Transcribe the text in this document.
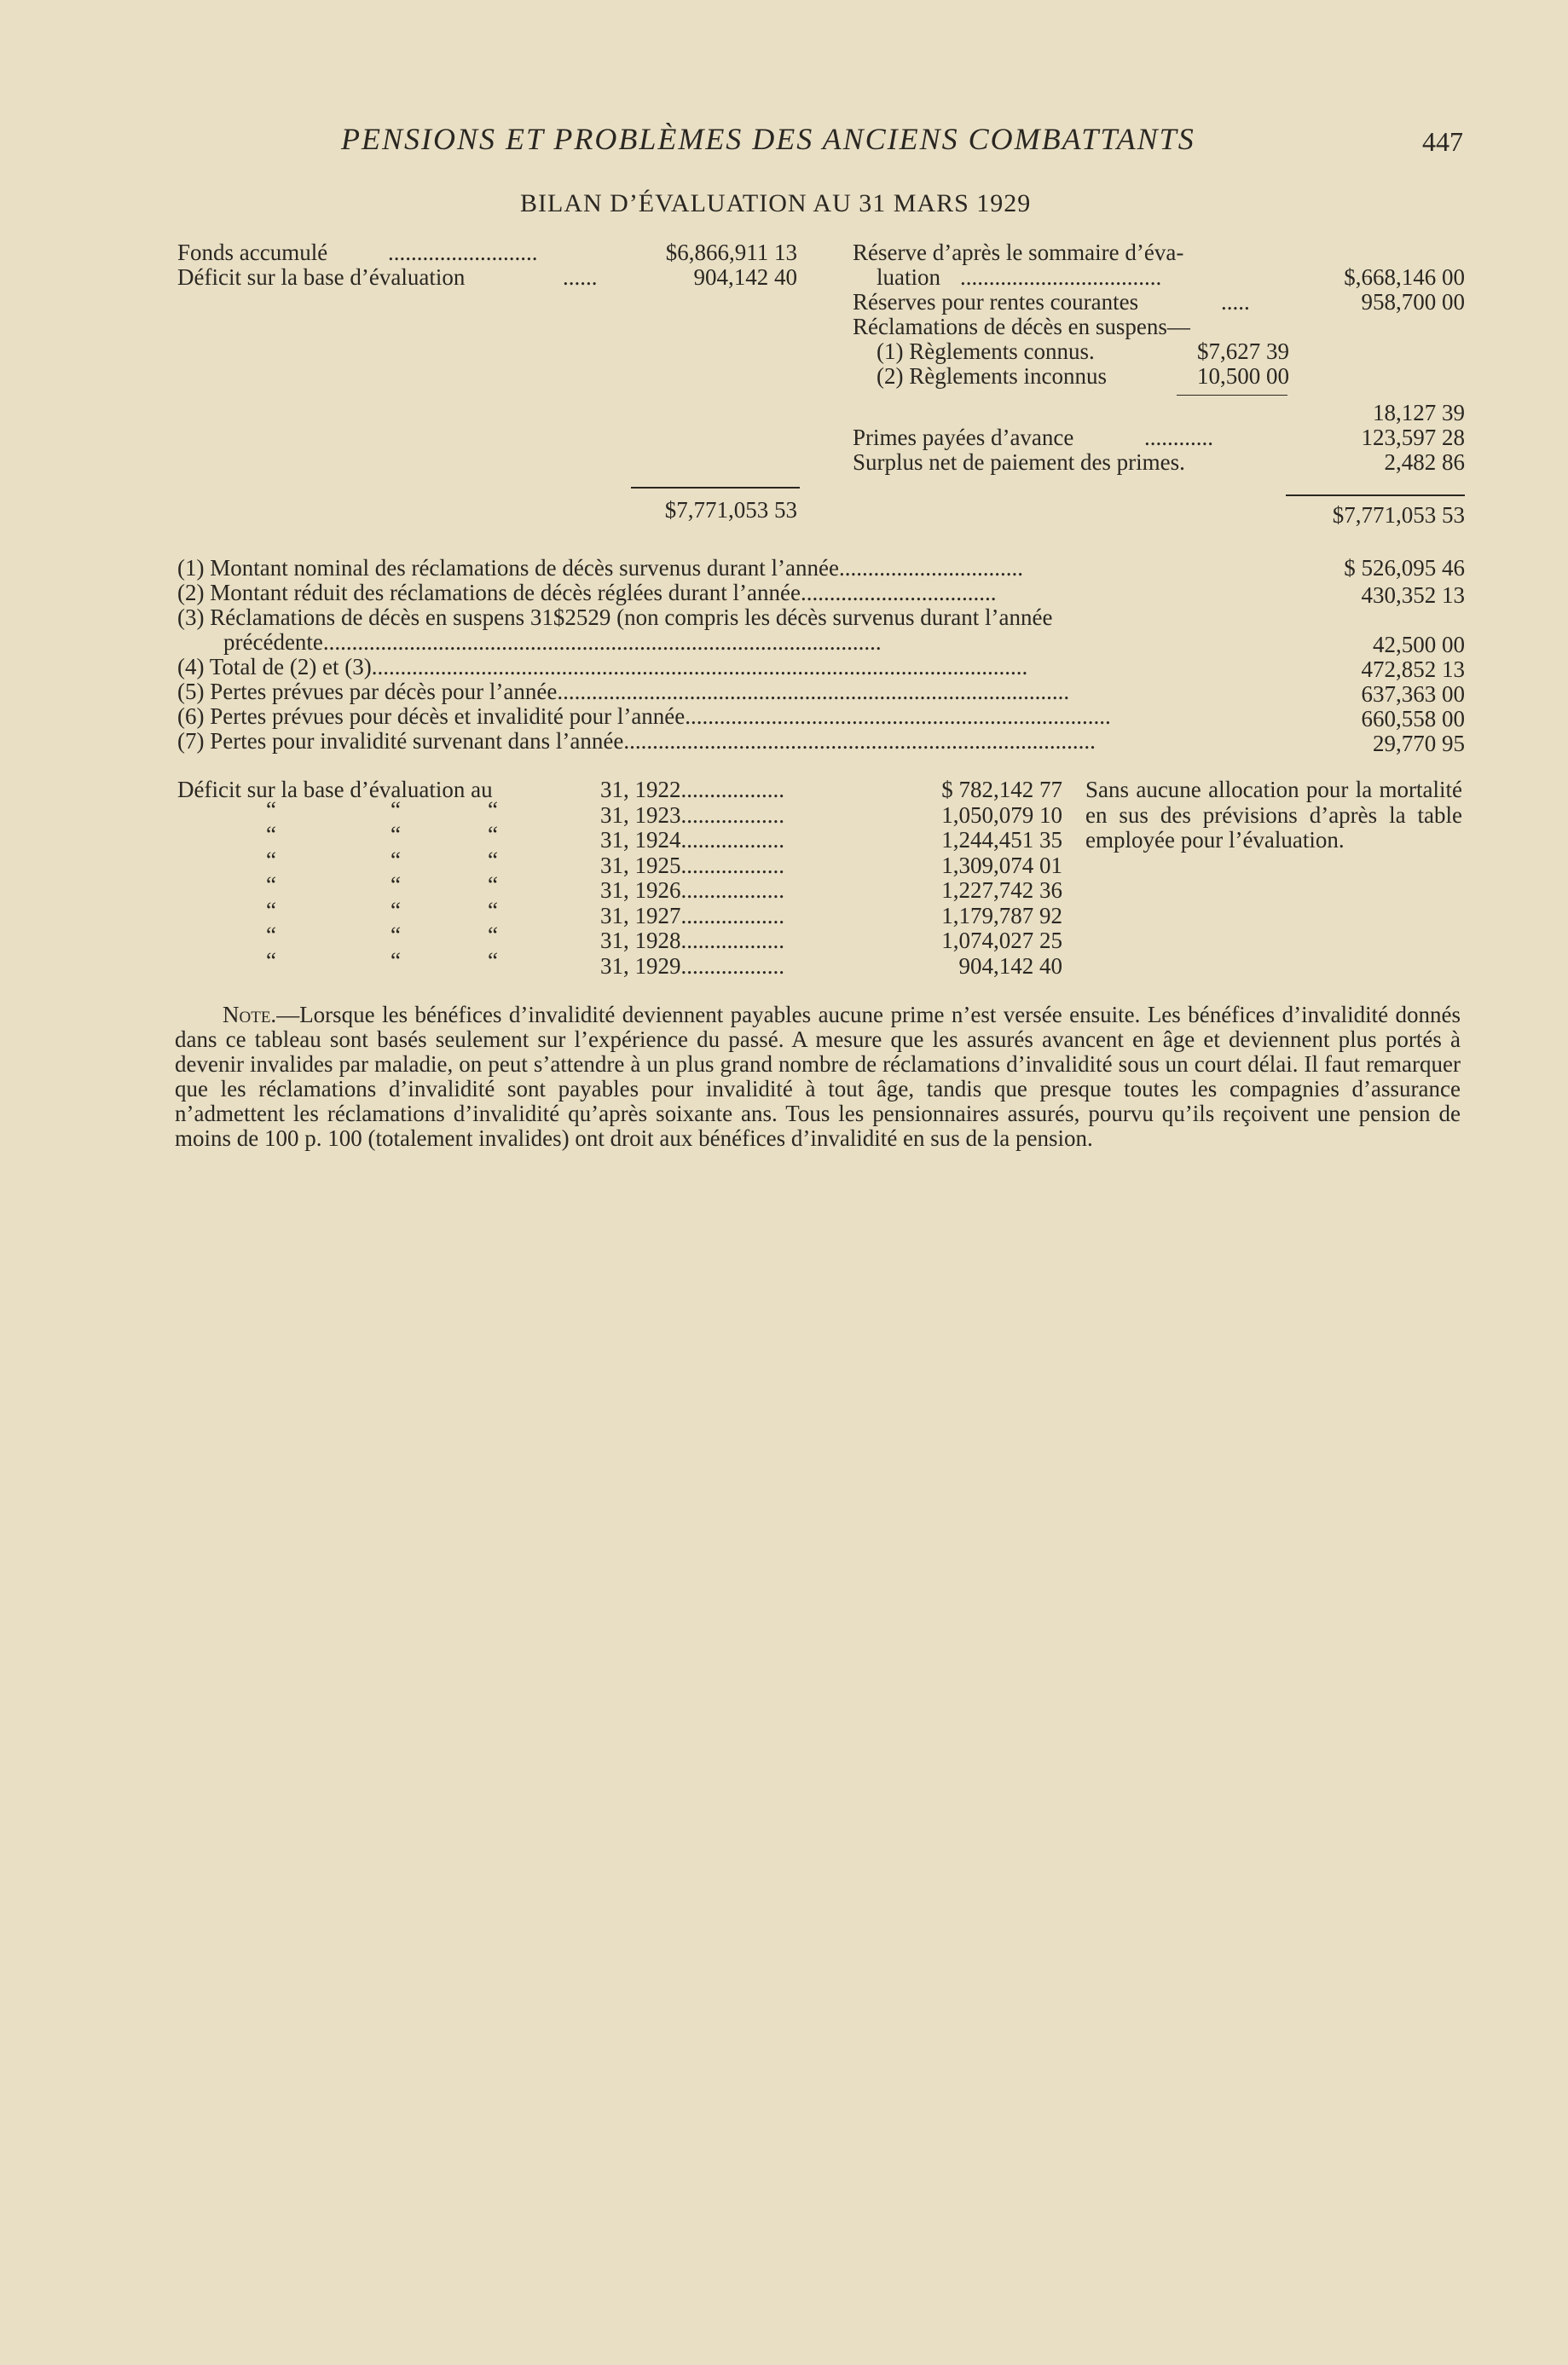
PENSIONS ET PROBLÈMES DES ANCIENS COMBATTANTS	447
BILAN D’ÉVALUATION AU 31 MARS 1929
Fonds accumulé	..........................	$6,866,911 13
Déficit sur la base d’évaluation	......	904,142 40
$7,771,053 53
Réserve d’après le sommaire d’éva-
luation ...................................	$,668,146 00
Réserves pour rentes courantes	.....	958,700 00
Réclamations de décès en suspens—
(1) Règlements connus.	$7,627 39
(2) Règlements inconnus	10,500 00
18,127 39
Primes payées d’avance	............	123,597 28
Surplus net de paiement des primes.	2,482 86
$7,771,053 53
(1) Montant nominal des réclamations de décès survenus durant l’année................................	$ 526,095 46
(2) Montant réduit des réclamations de décès réglées durant l’année..................................	430,352 13
(3) Réclamations de décès en suspens 31$2529 (non compris les décès survenus durant l’année
précédente.................................................................................................	42,500 00
(4) Total de (2) et (3)..................................................................................................................	472,852 13
(5) Pertes prévues par décès pour l’année.........................................................................................	637,363 00
(6) Pertes prévues pour décès et invalidité pour l’année..........................................................................	660,558 00
(7) Pertes pour invalidité survenant dans l’année..................................................................................	29,770 95
Déficit sur la base d’évaluation au	31, 1922..................	$ 782,142 77
“	“	“	31, 1923..................	1,050,079 10
“	“	“	31, 1924..................	1,244,451 35
“	“	“	31, 1925..................	1,309,074 01
“	“	“	31, 1926..................	1,227,742 36
“	“	“	31, 1927..................	1,179,787 92
“	“	“	31, 1928..................	1,074,027 25
“	“	“	31, 1929..................	904,142 40
Sans aucune allocation pour la mortalité en sus des prévisions d’après la table employée pour l’évaluation.
Note.—Lorsque les bénéfices d’invalidité deviennent payables aucune prime n’est versée ensuite. Les bénéfices d’invalidité donnés dans ce tableau sont basés seulement sur l’expérience du passé. A mesure que les assurés avancent en âge et deviennent plus portés à devenir invalides par maladie, on peut s’attendre à un plus grand nombre de réclamations d’invalidité sous un court délai. Il faut remarquer que les réclamations d’invalidité sont payables pour invalidité à tout âge, tandis que presque toutes les compagnies d’assurance n’admettent les réclamations d’invalidité qu’après soixante ans. Tous les pensionnaires assurés, pourvu qu’ils reçoivent une pension de moins de 100 p. 100 (totalement invalides) ont droit aux bénéfices d’invalidité en sus de la pension.
